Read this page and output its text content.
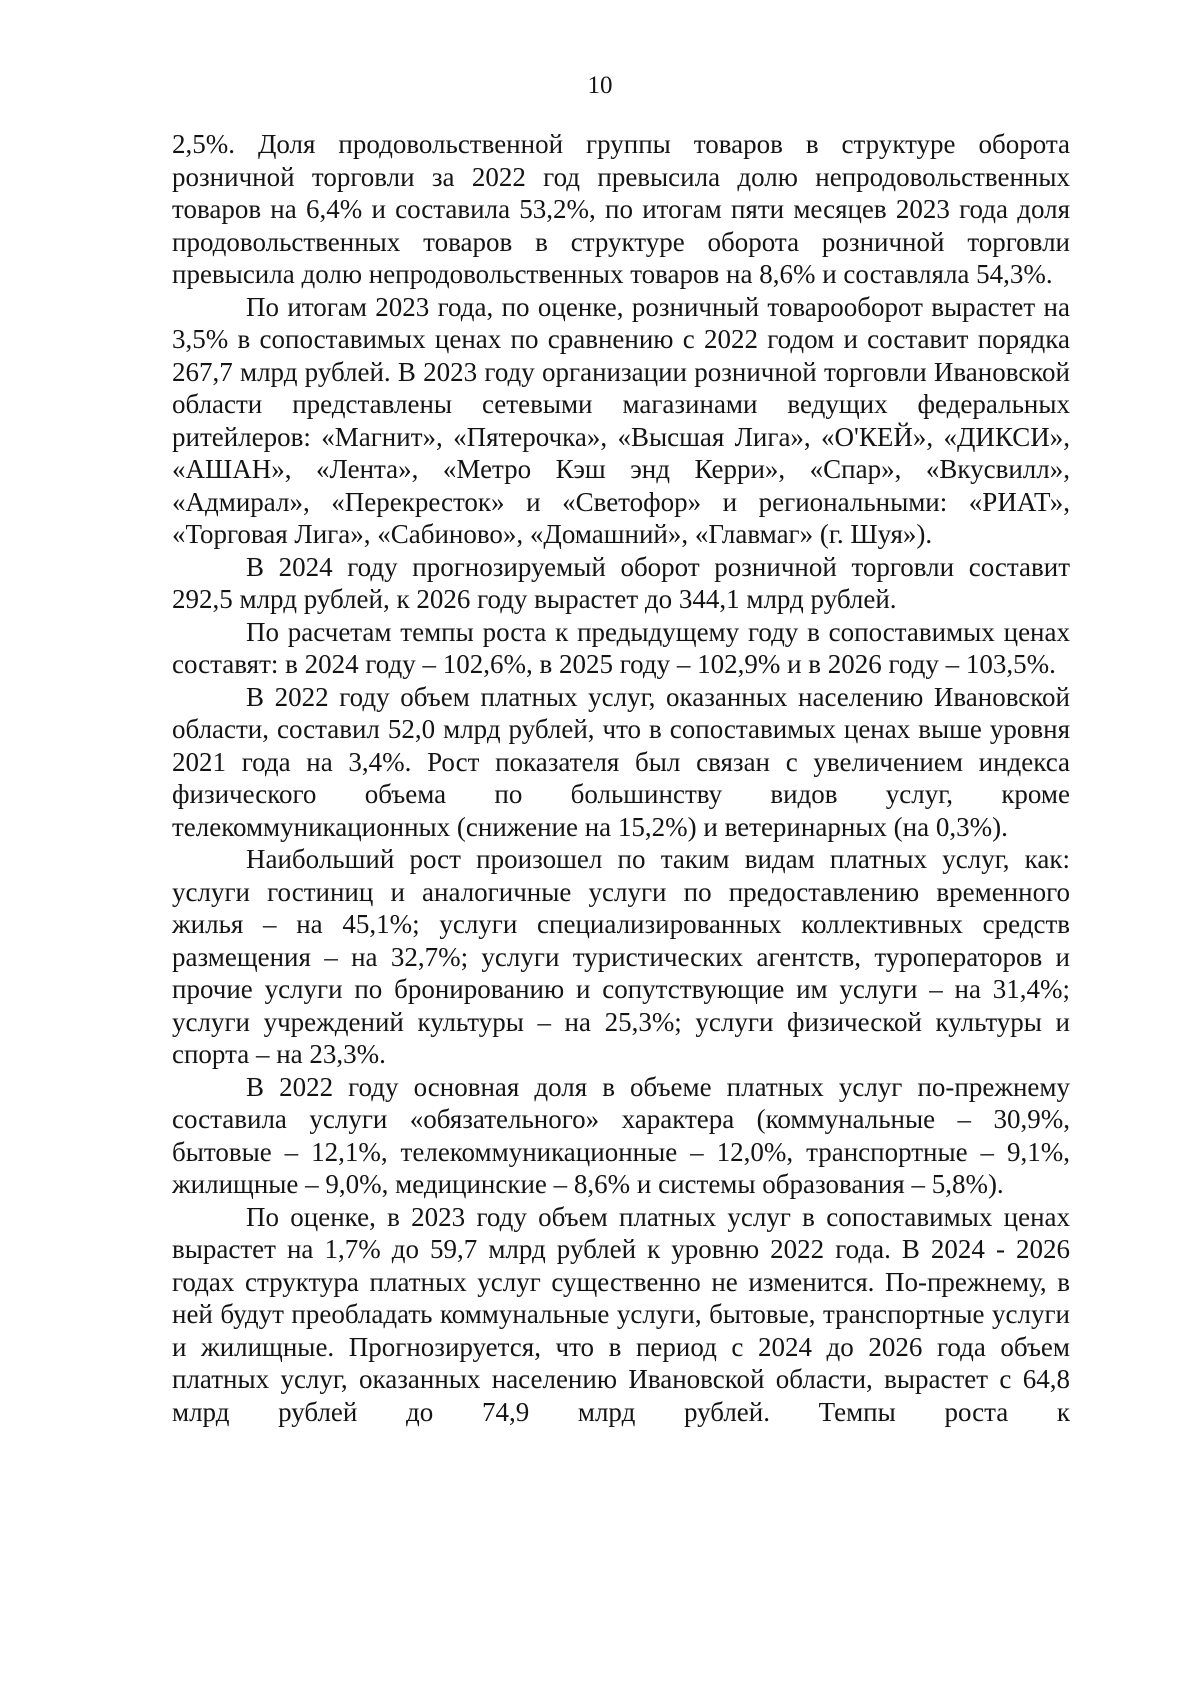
10

2,5%. Доля продовольственной группы товаров в структуре оборота розничной торговли за 2022 год превысила долю непродовольственных товаров на 6,4% и составила 53,2%, по итогам пяти месяцев 2023 года доля продовольственных товаров в структуре оборота розничной торговли превысила долю непродовольственных товаров на 8,6% и составляла 54,3%.

По итогам 2023 года, по оценке, розничный товарооборот вырастет на 3,5% в сопоставимых ценах по сравнению с 2022 годом и составит порядка 267,7 млрд рублей. В 2023 году организации розничной торговли Ивановской области представлены сетевыми магазинами ведущих федеральных ритейлеров: «Магнит», «Пятерочка», «Высшая Лига», «О'КЕЙ», «ДИКСИ», «АШАН», «Лента», «Метро Кэш энд Керри», «Спар», «Вкусвилл», «Адмирал», «Перекресток» и «Светофор» и региональными: «РИАТ», «Торговая Лига», «Сабиново», «Домашний», «Главмаг» (г. Шуя»).

В 2024 году прогнозируемый оборот розничной торговли составит 292,5 млрд рублей, к 2026 году вырастет до 344,1 млрд рублей.

По расчетам темпы роста к предыдущему году в сопоставимых ценах составят: в 2024 году – 102,6%, в 2025 году – 102,9% и в 2026 году – 103,5%.

В 2022 году объем платных услуг, оказанных населению Ивановской области, составил 52,0 млрд рублей, что в сопоставимых ценах выше уровня 2021 года на 3,4%. Рост показателя был связан с увеличением индекса физического объема по большинству видов услуг, кроме телекоммуникационных (снижение на 15,2%) и ветеринарных (на 0,3%).

Наибольший рост произошел по таким видам платных услуг, как: услуги гостиниц и аналогичные услуги по предоставлению временного жилья – на 45,1%; услуги специализированных коллективных средств размещения – на 32,7%; услуги туристических агентств, туроператоров и прочие услуги по бронированию и сопутствующие им услуги – на 31,4%; услуги учреждений культуры – на 25,3%; услуги физической культуры и спорта – на 23,3%.

В 2022 году основная доля в объеме платных услуг по-прежнему составила услуги «обязательного» характера (коммунальные – 30,9%, бытовые – 12,1%, телекоммуникационные – 12,0%, транспортные – 9,1%, жилищные – 9,0%, медицинские – 8,6% и системы образования – 5,8%).

По оценке, в 2023 году объем платных услуг в сопоставимых ценах вырастет на 1,7% до 59,7 млрд рублей к уровню 2022 года. В 2024 - 2026 годах структура платных услуг существенно не изменится. По-прежнему, в ней будут преобладать коммунальные услуги, бытовые, транспортные услуги и жилищные. Прогнозируется, что в период с 2024 до 2026 года объем платных услуг, оказанных населению Ивановской области, вырастет с 64,8 млрд рублей до 74,9 млрд рублей. Темпы роста к
